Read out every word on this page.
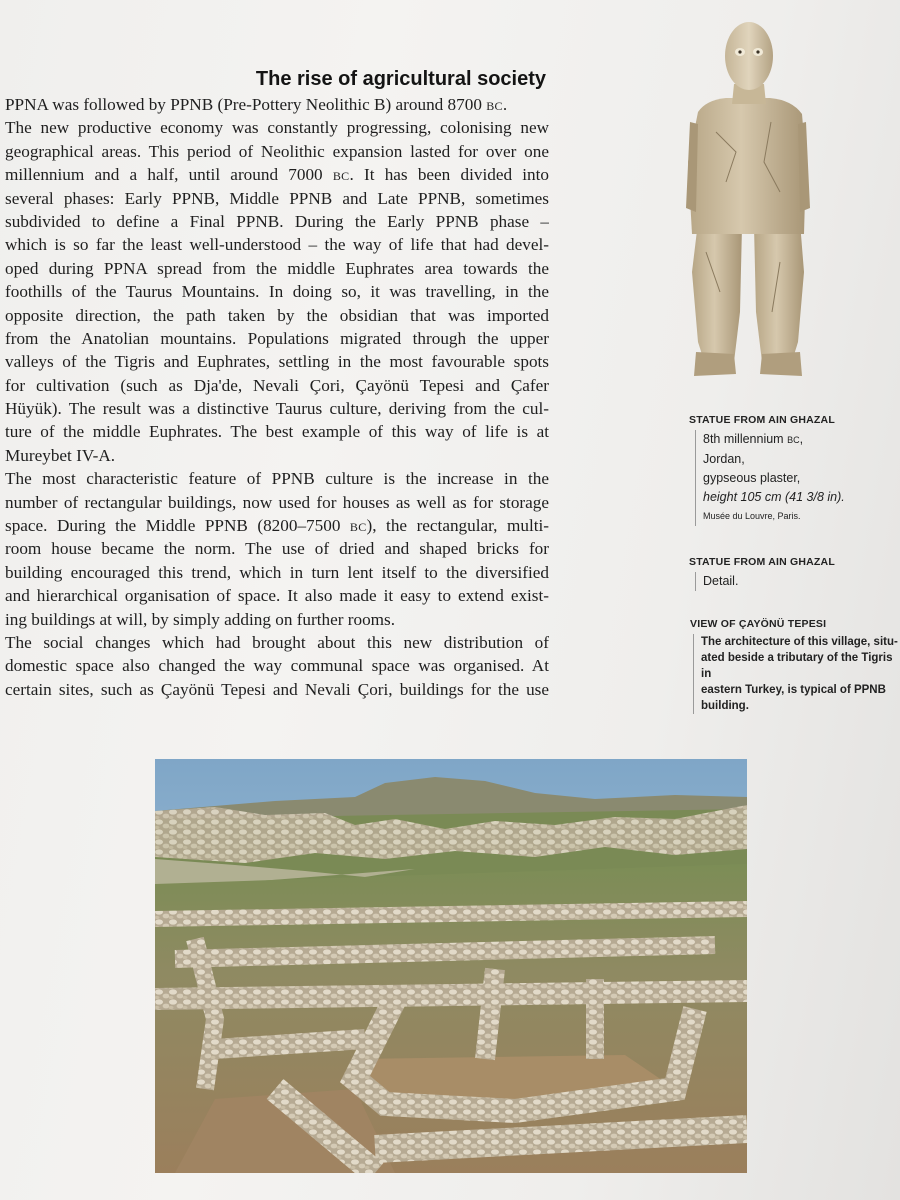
The rise of agricultural society
PPNA was followed by PPNB (Pre-Pottery Neolithic B) around 8700 BC.
The new productive economy was constantly progressing, colonising new
geographical areas. This period of Neolithic expansion lasted for over one
millennium and a half, until around 7000 BC. It has been divided into
several phases: Early PPNB, Middle PPNB and Late PPNB, sometimes
subdivided to define a Final PPNB. During the Early PPNB phase –
which is so far the least well-understood – the way of life that had devel-
oped during PPNA spread from the middle Euphrates area towards the
foothills of the Taurus Mountains. In doing so, it was travelling, in the
opposite direction, the path taken by the obsidian that was imported
from the Anatolian mountains. Populations migrated through the upper
valleys of the Tigris and Euphrates, settling in the most favourable spots
for cultivation (such as Dja'de, Nevali Çori, Çayönü Tepesi and Çafer
Hüyük). The result was a distinctive Taurus culture, deriving from the cul-
ture of the middle Euphrates. The best example of this way of life is at
Mureybet IV-A.
The most characteristic feature of PPNB culture is the increase in the
number of rectangular buildings, now used for houses as well as for storage
space. During the Middle PPNB (8200–7500 BC), the rectangular, multi-
room house became the norm. The use of dried and shaped bricks for
building encouraged this trend, which in turn lent itself to the diversified
and hierarchical organisation of space. It also made it easy to extend exist-
ing buildings at will, by simply adding on further rooms.
The social changes which had brought about this new distribution of
domestic space also changed the way communal space was organised. At
certain sites, such as Çayönü Tepesi and Nevali Çori, buildings for the use

STATUE FROM AIN GHAZAL

8th millennium BC,
Jordan,
gypseous plaster,
height 105 cm (41 3/8 in).
Musée du Louvre, Paris.

STATUE FROM AIN GHAZAL

Detail.

VIEW OF ÇAYÖNÜ TEPESI

The architecture of this village, situ-
ated beside a tributary of the Tigris in
eastern Turkey, is typical of PPNB
building.
